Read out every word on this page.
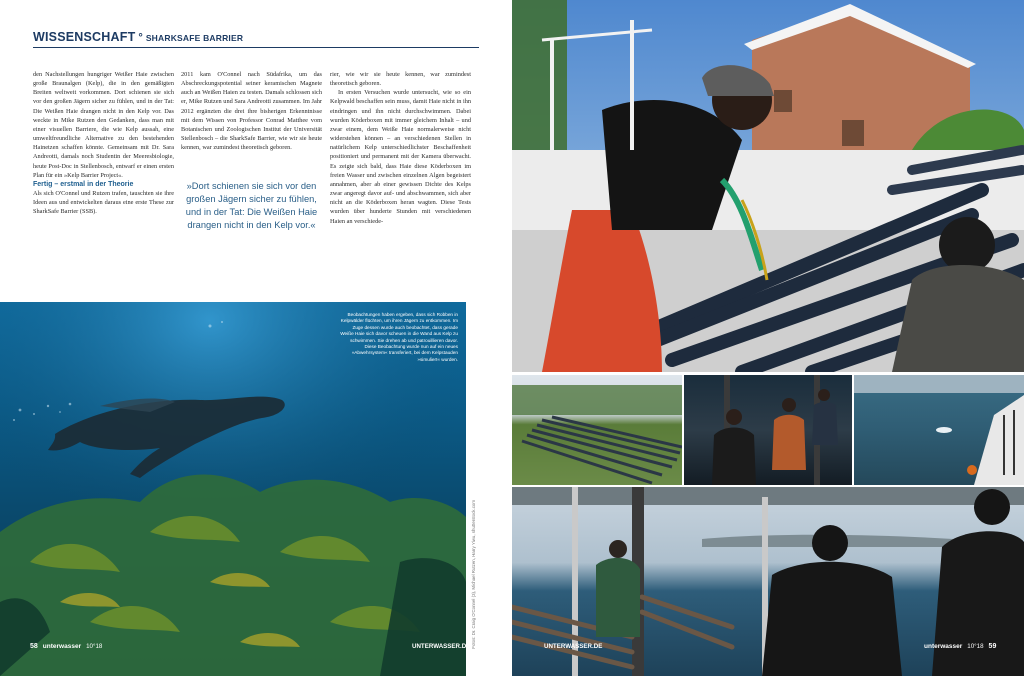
WISSENSCHAFT ° SHARKSAFE BARRIER

den Nachstellungen hungriger Weißer Haie zwischen große Braunalgen (Kelp), die in den gemäßigten Breiten weltweit vorkommen. Dort schienen sie sich vor den großen Jägern sicher zu fühlen, und in der Tat: Die Weißen Haie drangen nicht in den Kelp vor. Das weckte in Mike Rutzen den Gedanken, dass man mit einer visuellen Barriere, die wie Kelp aussah, eine umweltfreundliche Alternative zu den bestehenden Hainetzen schaffen könnte. Gemeinsam mit Dr. Sara Andreotti, damals noch Studentin der Meeresbiologie, heute Post-Doc in Stellenbosch, entwarf er einen ersten Plan für ein »Kelp Barrier Project«.

Fertig – erstmal in der Theorie

Als sich O'Connel und Rutzen trafen, tauschten sie ihre Ideen aus und entwickelten daraus eine erste These zur SharkSafe Barrier (SSB).

2011 kam O'Connel nach Südafrika, um das Abschreckungspotential seiner keramischen Magnete auch an Weißen Haien zu testen. Damals schlossen sich er, Mike Rutzen und Sara Andreotti zusammen. Im Jahr 2012 ergänzten die drei ihre bisherigen Erkenntnisse mit dem Wissen von Professor Conrad Matthee vom Botanischen und Zoologischen Institut der Universität Stellenbosch – die SharkSafe Barrier, wie wir sie heute kennen, war zumindest theoretisch geboren.

»Dort schienen sie sich vor den großen Jägern sicher zu fühlen, und in der Tat: Die Weißen Haie drangen nicht in den Kelp vor.«

rier, wie wir sie heute kennen, war zumindest theoretisch geboren.

In ersten Versuchen wurde untersucht, wie so ein Kelpwald beschaffen sein muss, damit Haie nicht in ihn eindringen und ihn nicht durchschwimmen. Dabei wurden Köderboxen mit immer gleichem Inhalt – und zwar einem, dem Weiße Haie normalerweise nicht widerstehen können – an verschiedenen Stellen in natürlichem Kelp unterschiedlichster Beschaffenheit positioniert und permanent mit der Kamera überwacht. Es zeigte sich bald, dass Haie diese Köderboxen im freien Wasser und zwischen einzelnen Algen begeistert annahmen, aber ab einer gewissen Dichte des Kelps zwar angeregt davor auf- und abschwammen, sich aber nicht an die Köderboxen heran wagten. Diese Tests wurden über hunderte Stunden mit verschiedenen Haien an verschiede-

Beobachtungen haben ergeben, dass sich Robben in Kelpwälder flüchten, um ihren Jägern zu entkommen. Im Zuge dessen wurde auch beobachtet, dass gerade Weiße Haie sich davor scheuen in die Wand aus Kelp zu schwimmen. Sie drehen ab und patrouillieren davor. Diese Beobachtung wurde nun auf ein neues »Abwehrsystem« transferiert, bei dem Kelpstauden »simuliert« wurden.
Fotos: Dr. Craig O'Connel (3), Michael Rutzen, Harry Yiwu, shutterstock.com
58 unterwasser 10°18	UNTERWASSER.DE	UNTERWASSER.DE	unterwasser 10°18 59
